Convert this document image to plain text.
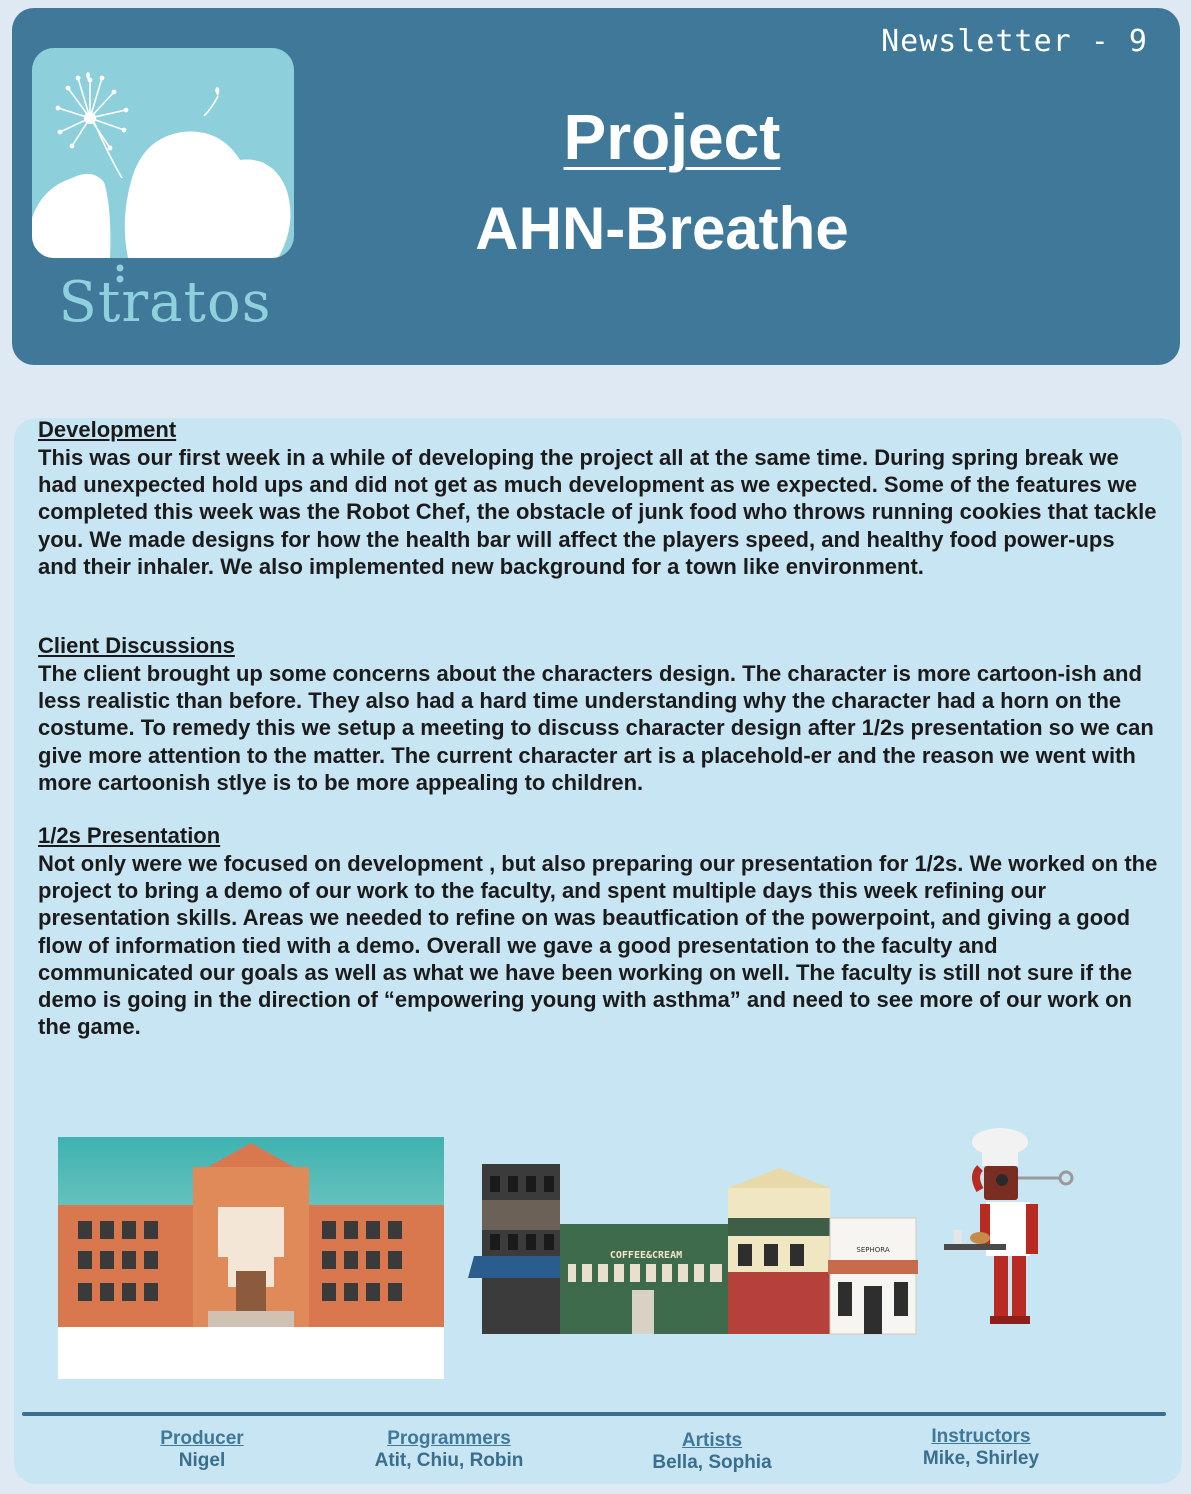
Newsletter - 9
Stratos
Project
AHN-Breathe
Development

This was our first week in a while of developing the project all at the same time. During spring break we had unexpected hold ups and did not get as much development as we expected. Some of the features we completed this week was the Robot Chef, the obstacle of junk food who throws running cookies that tackle you. We made designs for how the health bar will affect the players speed, and healthy food power-ups and their inhaler. We also implemented new background for a town like environment.

Client Discussions

The client brought up some concerns about the characters design. The character is more cartoon-ish and less realistic than before. They also had a hard time understanding why the character had a horn on the costume. To remedy this we setup a meeting to discuss character design after 1/2s presentation so we can give more attention to the matter. The current character art is a placehold-er and the reason we went with more cartoonish stlye is to be more appealing to children.

1/2s Presentation

Not only were we focused on development , but also preparing our presentation for 1/2s. We worked on the project to bring a demo of our work to the faculty, and spent multiple days this week refining our presentation skills. Areas we needed to refine on was beautfication of the powerpoint, and giving a good flow of information tied with a demo. Overall we gave a good presentation to the faculty and communicated our goals as well as what we have been working on well. The faculty is still not sure if the demo is going in the direction of “empowering young with asthma” and need to see more of our work on the game.

COFFEE&CREAM	SEPHORA
Producer
Nigel
Programmers
Atit, Chiu, Robin
Artists
Bella, Sophia
Instructors
Mike, Shirley
